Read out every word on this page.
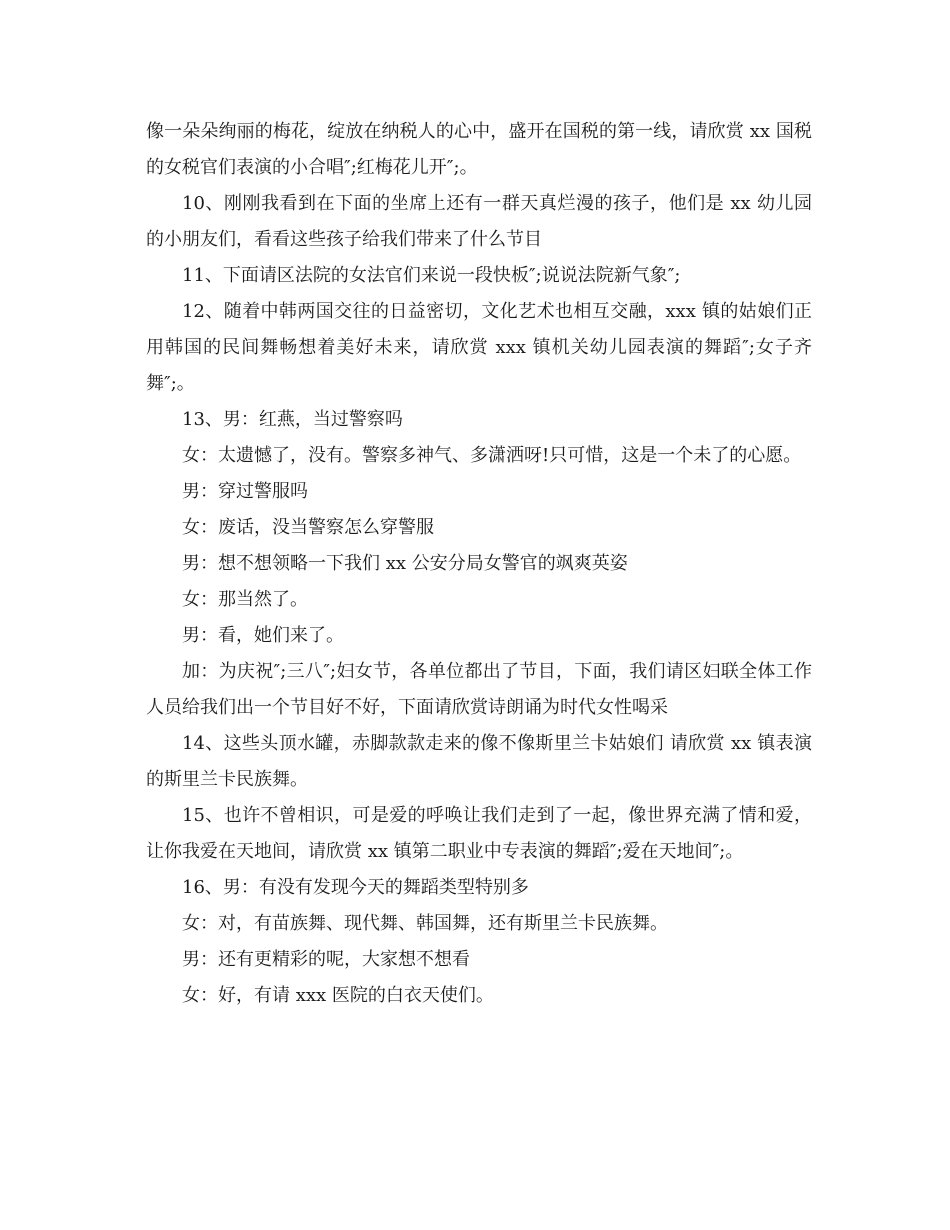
像一朵朵绚丽的梅花，绽放在纳税人的心中，盛开在国税的第一线，请欣赏 xx 国税的女税官们表演的小合唱″;红梅花儿开″;。

10、刚刚我看到在下面的坐席上还有一群天真烂漫的孩子，他们是 xx 幼儿园的小朋友们，看看这些孩子给我们带来了什么节目

11、下面请区法院的女法官们来说一段快板″;说说法院新气象″;

12、随着中韩两国交往的日益密切，文化艺术也相互交融，xxx 镇的姑娘们正用韩国的民间舞畅想着美好未来，请欣赏 xxx 镇机关幼儿园表演的舞蹈″;女子齐舞″;。

13、男：红燕，当过警察吗

女：太遗憾了，没有。警察多神气、多潇洒呀!只可惜，这是一个未了的心愿。

男：穿过警服吗

女：废话，没当警察怎么穿警服

男：想不想领略一下我们 xx 公安分局女警官的飒爽英姿

女：那当然了。

男：看，她们来了。

加：为庆祝″;三八″;妇女节，各单位都出了节目，下面，我们请区妇联全体工作人员给我们出一个节目好不好，下面请欣赏诗朗诵为时代女性喝采

14、这些头顶水罐，赤脚款款走来的像不像斯里兰卡姑娘们 请欣赏 xx 镇表演的斯里兰卡民族舞。

15、也许不曾相识，可是爱的呼唤让我们走到了一起，像世界充满了情和爱，让你我爱在天地间，请欣赏 xx 镇第二职业中专表演的舞蹈″;爱在天地间″;。

16、男：有没有发现今天的舞蹈类型特别多

女：对，有苗族舞、现代舞、韩国舞，还有斯里兰卡民族舞。

男：还有更精彩的呢，大家想不想看

女：好，有请 xxx 医院的白衣天使们。
